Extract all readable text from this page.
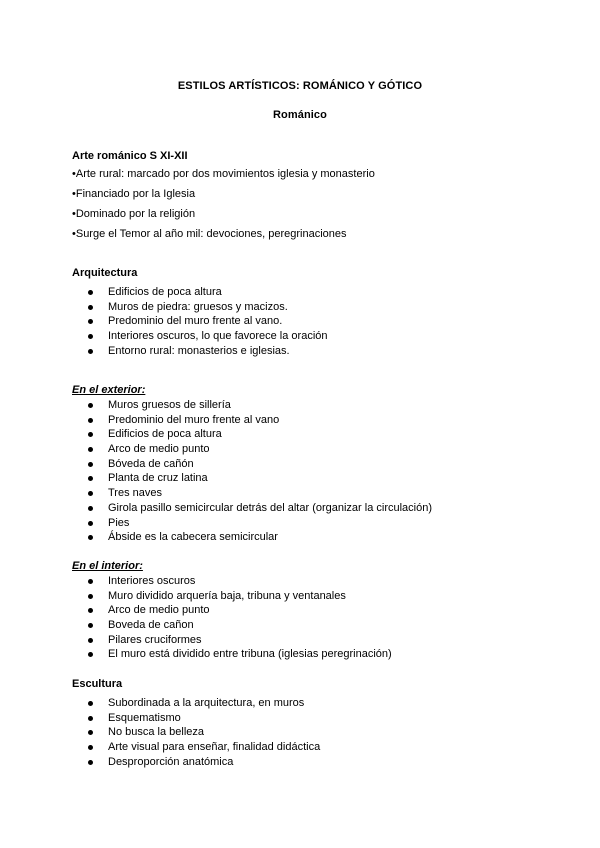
ESTILOS ARTÍSTICOS: ROMÁNICO Y GÓTICO
Románico
Arte románico S XI-XII
•Arte rural: marcado por dos movimientos iglesia y monasterio
•Financiado por la Iglesia
•Dominado por la religión
•Surge el Temor al año mil: devociones, peregrinaciones
Arquitectura
Edificios de poca altura
Muros de piedra: gruesos y macizos.
Predominio del muro frente al vano.
Interiores oscuros, lo que favorece la oración
Entorno rural: monasterios e iglesias.
En el exterior:
Muros gruesos de sillería
Predominio del muro frente al vano
Edificios de poca altura
Arco de medio punto
Bóveda de cañón
Planta de cruz latina
Tres naves
Girola pasillo semicircular detrás del altar (organizar la circulación)
Pies
Ábside es la cabecera semicircular
En el interior:
Interiores oscuros
Muro dividido arquería baja, tribuna y ventanales
Arco de medio punto
Boveda de cañon
Pilares cruciformes
El muro está dividido entre tribuna (iglesias peregrinación)
Escultura
Subordinada a la arquitectura, en muros
Esquematismo
No busca la belleza
Arte visual para enseñar, finalidad didáctica
Desproporción anatómica
